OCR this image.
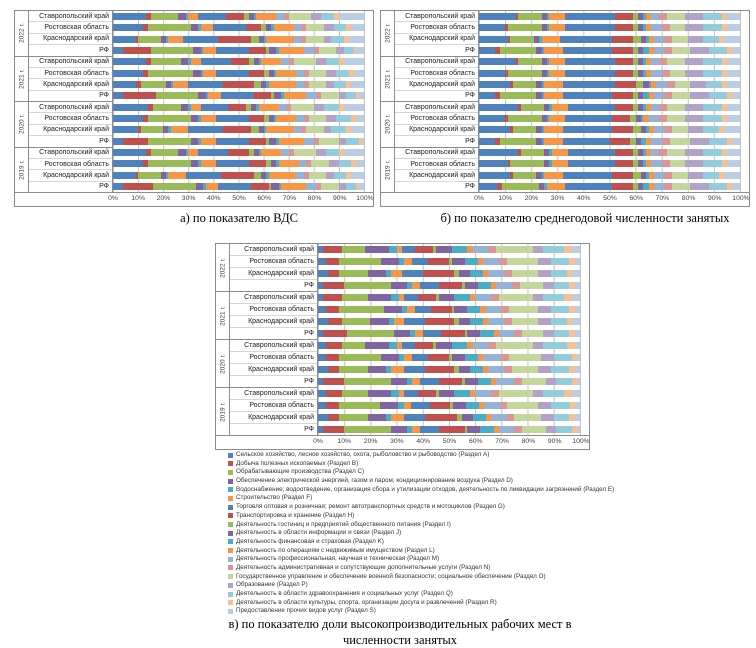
2022 г.
2021 г.
2020 г.
2019 г.
Ставропольский край
Ростовская область
Краснодарский край
РФ
Ставропольский край
Ростовская область
Краснодарский край
РФ
Ставропольский край
Ростовская область
Краснодарский край
РФ
Ставропольский край
Ростовская область
Краснодарский край
РФ
0% 10% 20% 30% 40% 50% 60% 70% 80% 90% 100%
2022 г.
2021 г.
2020 г.
2019 г.
Ставропольский край
Ростовская область
Краснодарский край
РФ
Ставропольский край
Ростовская область
Краснодарский край
РФ
Ставропольский край
Ростовская область
Краснодарский край
РФ
Ставропольский край
Ростовская область
Краснодарский край
РФ
0% 10% 20% 30% 40% 50% 60% 70% 80% 90% 100%
2022 г.
2021 г.
2020 г.
2019 г.
Ставропольский край
Ростовская область
Краснодарский край
РФ
Ставропольский край
Ростовская область
Краснодарский край
РФ
Ставропольский край
Ростовская область
Краснодарский край
РФ
Ставропольский край
Ростовская область
Краснодарский край
РФ
0% 10% 20% 30% 40% 50% 60% 70% 80% 90% 100%
а) по показателю ВДС	б) по показателю среднегодовой численности занятых
в) по показателю доли высокопроизводительных рабочих мест в численности занятых
Сельское хозяйство, лесное хозяйство, охота, рыболовство и рыбоводство (Раздел A)
Добыча полезных ископаемых (Раздел B)
Обрабатывающие производства (Раздел C)
Обеспечение электрической энергией, газом и паром; кондиционирование воздуха (Раздел D)
Водоснабжение; водоотведение, организация сбора и утилизации отходов, деятельность по ликвидации загрязнений (Раздел E)
Строительство (Раздел F)
Торговля оптовая и розничная; ремонт автотранспортных средств и мотоциклов (Раздел G)
Транспортировка и хранение (Раздел H)
Деятельность гостиниц и предприятий общественного питания (Раздел I)
Деятельность в области информации и связи (Раздел J)
Деятельность финансовая и страховая (Раздел K)
Деятельность по операциям с недвижимым имуществом (Раздел L)
Деятельность профессиональная, научная и техническая (Раздел M)
Деятельность административная и сопутствующие дополнительные услуги (Раздел N)
Государственное управление и обеспечение военной безопасности; социальное обеспечение (Раздел O)
Образование (Раздел P)
Деятельность в области здравоохранения и социальных услуг (Раздел Q)
Деятельность в области культуры, спорта, организации досуга и развлечений (Раздел R)
Предоставление прочих видов услуг (Раздел S)
